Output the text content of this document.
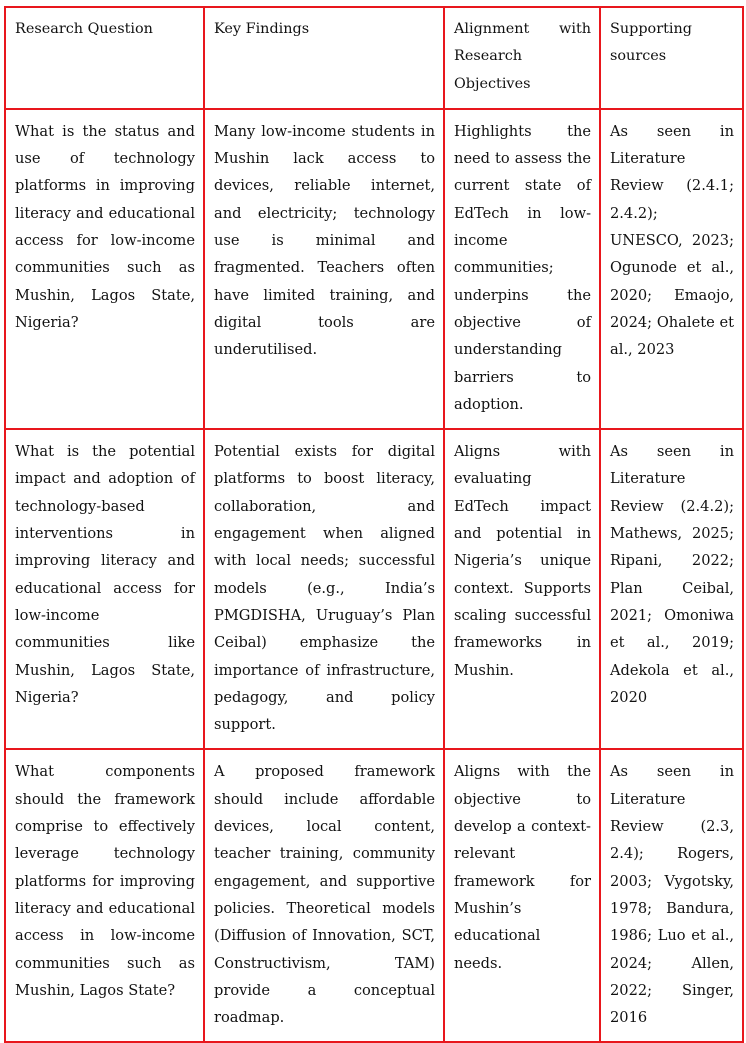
Research Question	Key Findings	Alignment with Research Objectives	Supporting sources

What is the status and use of technology platforms in improving literacy and educational access for low-income communities such as Mushin, Lagos State, Nigeria?	Many low-income students in Mushin lack access to devices, reliable internet, and electricity; technology use is minimal and fragmented. Teachers often have limited training, and digital tools are underutilised.	Highlights the need to assess the current state of EdTech in low-income communities; underpins the objective of understanding barriers to adoption.	As seen in Literature Review (2.4.1; 2.4.2); UNESCO, 2023; Ogunode et al., 2020; Emaojo, 2024; Ohalete et al., 2023

What is the potential impact and adoption of technology-based interventions in improving literacy and educational access for low-income communities like Mushin, Lagos State, Nigeria?	Potential exists for digital platforms to boost literacy, collaboration, and engagement when aligned with local needs; successful models (e.g., India’s PMGDISHA, Uruguay’s Plan Ceibal) emphasize the importance of infrastructure, pedagogy, and policy support.	Aligns with evaluating EdTech impact and potential in Nigeria’s unique context. Supports scaling successful frameworks in Mushin.	As seen in Literature Review (2.4.2); Mathews, 2025; Ripani, 2022; Plan Ceibal, 2021; Omoniwa et al., 2019; Adekola et al., 2020

What components should the framework comprise to effectively leverage technology platforms for improving literacy and educational access in low-income communities such as Mushin, Lagos State?	A proposed framework should include affordable devices, local content, teacher training, community engagement, and supportive policies. Theoretical models (Diffusion of Innovation, SCT, Constructivism, TAM) provide a conceptual roadmap.	Aligns with the objective to develop a context-relevant framework for Mushin’s educational needs.	As seen in Literature Review (2.3, 2.4); Rogers, 2003; Vygotsky, 1978; Bandura, 1986; Luo et al., 2024; Allen, 2022; Singer, 2016
